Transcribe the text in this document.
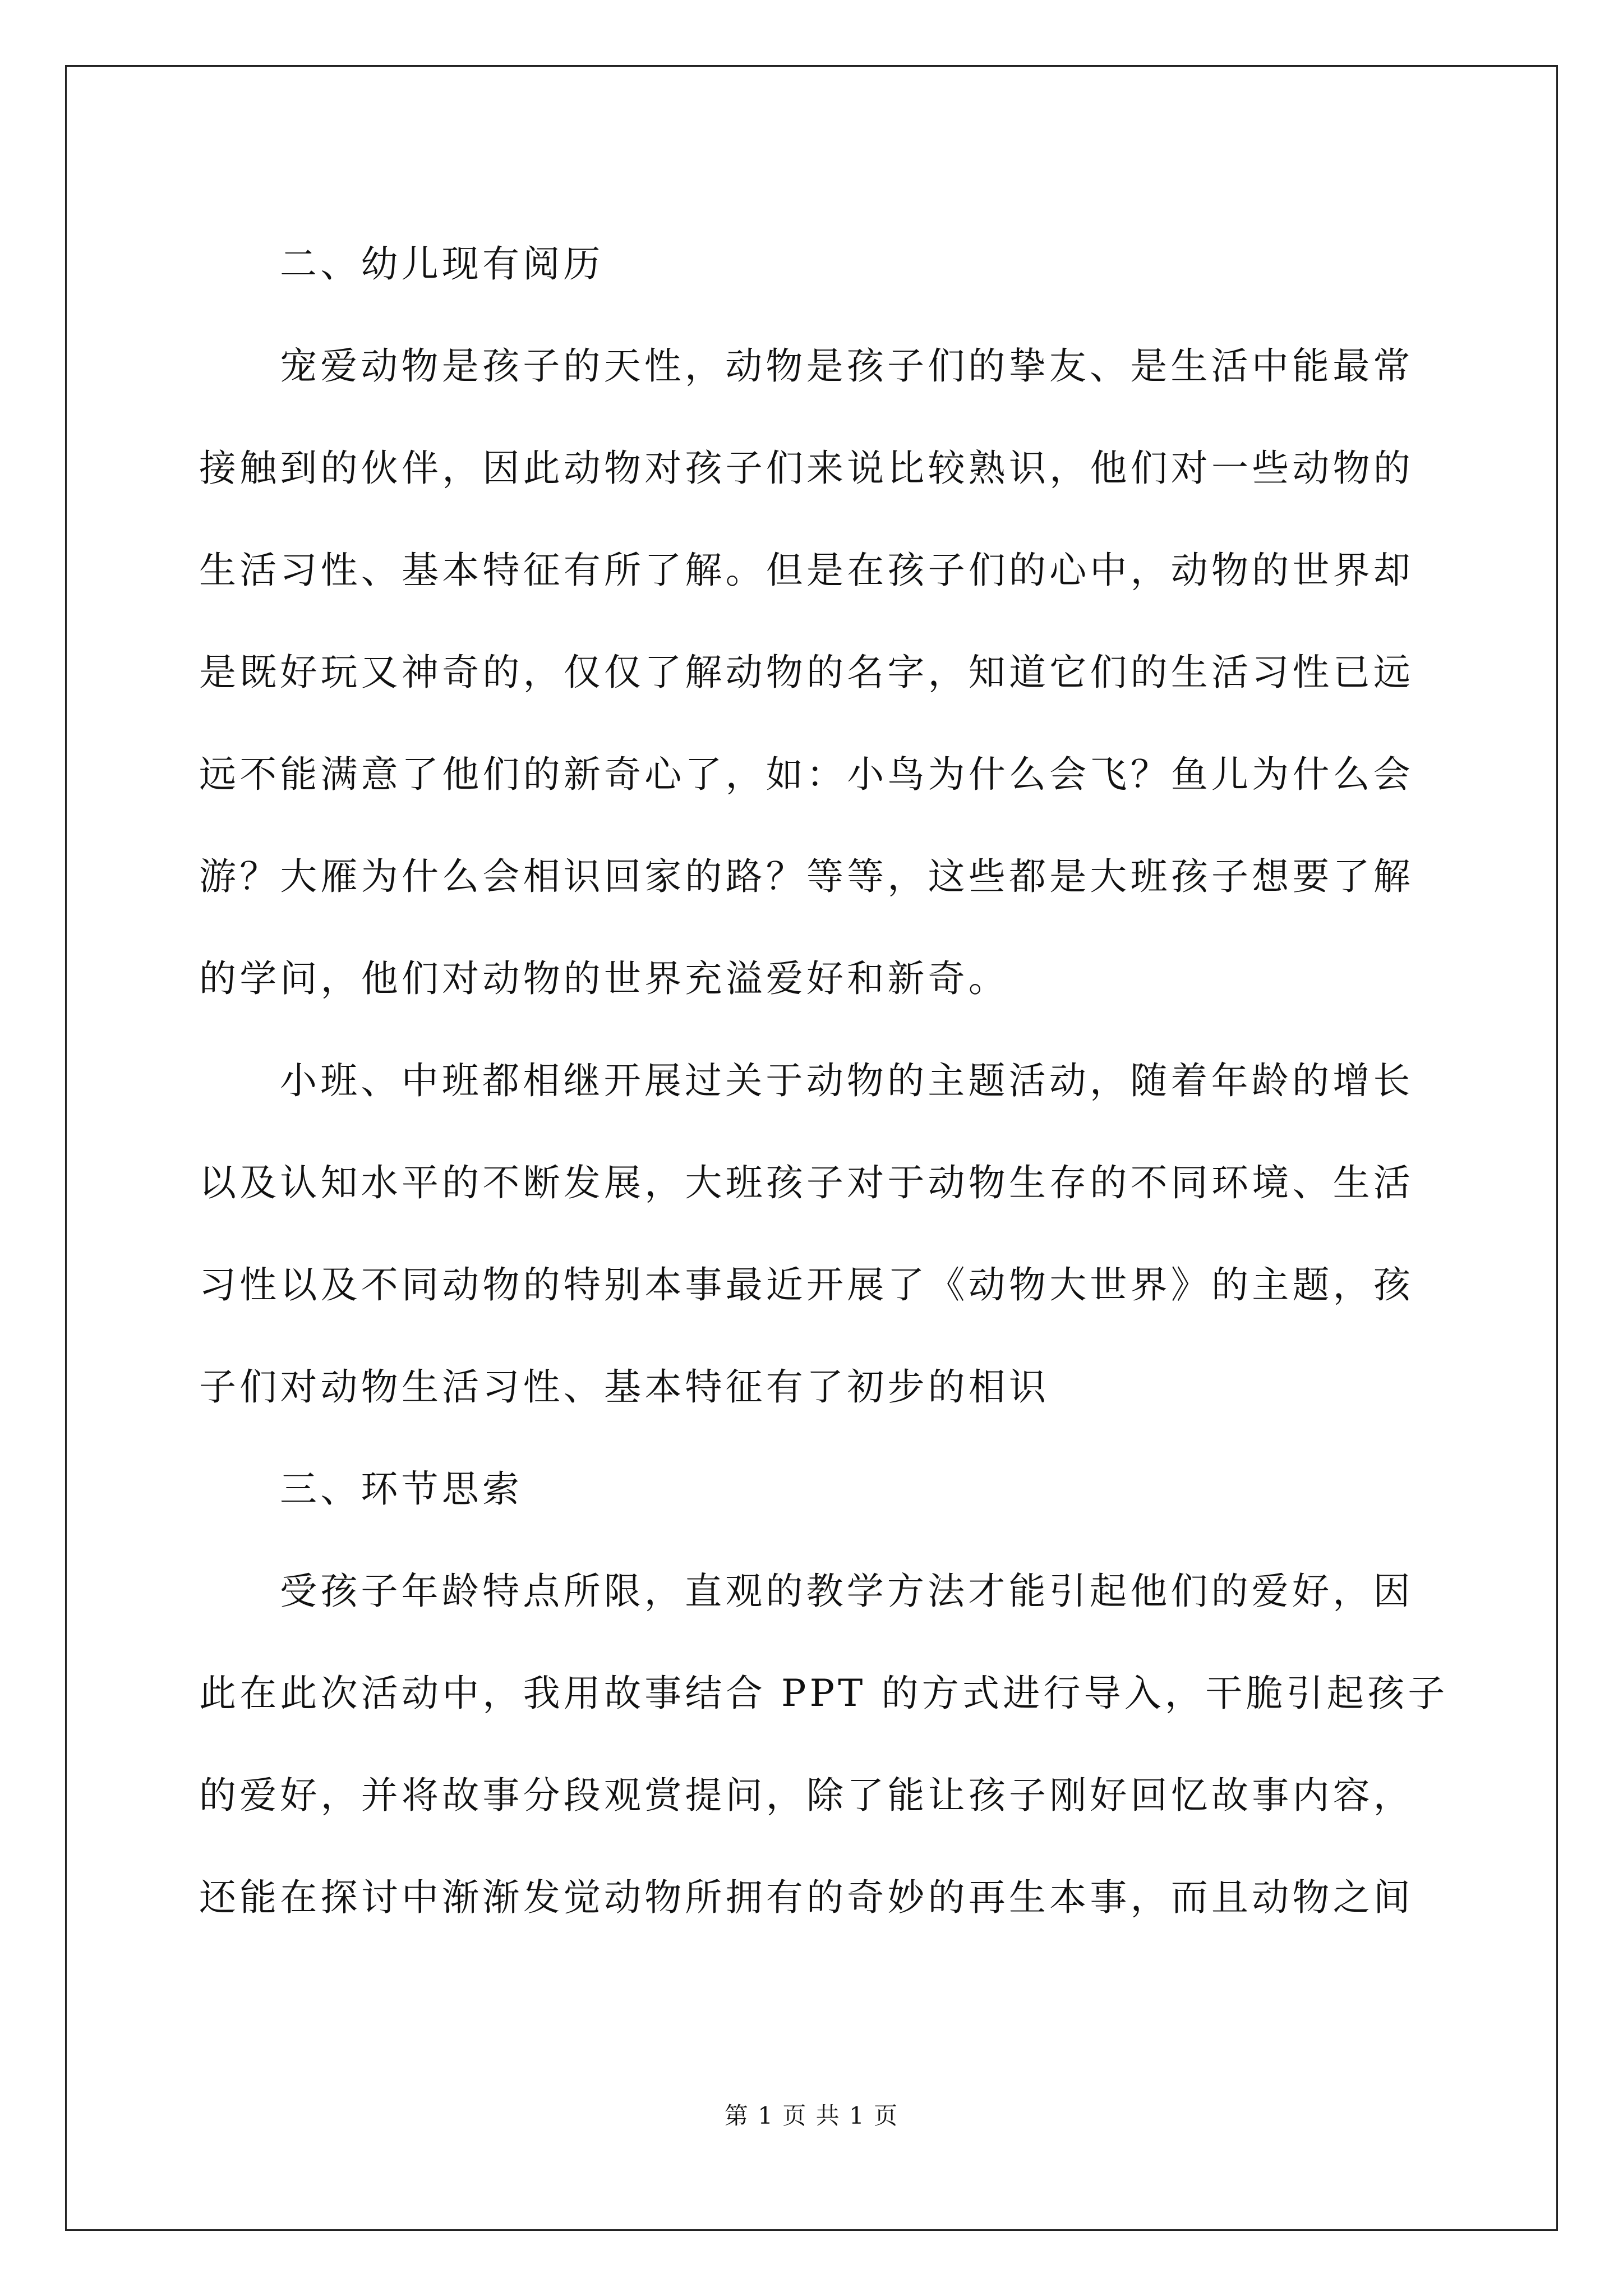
二、幼儿现有阅历
宠爱动物是孩子的天性，动物是孩子们的挚友、是生活中能最常
接触到的伙伴，因此动物对孩子们来说比较熟识，他们对一些动物的
生活习性、基本特征有所了解。但是在孩子们的心中，动物的世界却
是既好玩又神奇的，仅仅了解动物的名字，知道它们的生活习性已远
远不能满意了他们的新奇心了，如：小鸟为什么会飞？鱼儿为什么会
游？大雁为什么会相识回家的路？等等，这些都是大班孩子想要了解
的学问，他们对动物的世界充溢爱好和新奇。
小班、中班都相继开展过关于动物的主题活动，随着年龄的增长
以及认知水平的不断发展，大班孩子对于动物生存的不同环境、生活
习性以及不同动物的特别本事最近开展了《动物大世界》的主题，孩
子们对动物生活习性、基本特征有了初步的相识
三、环节思索
受孩子年龄特点所限，直观的教学方法才能引起他们的爱好，因
此在此次活动中，我用故事结合 PPT 的方式进行导入，干脆引起孩子
的爱好，并将故事分段观赏提问，除了能让孩子刚好回忆故事内容，
还能在探讨中渐渐发觉动物所拥有的奇妙的再生本事，而且动物之间
第 1 页 共 1 页
